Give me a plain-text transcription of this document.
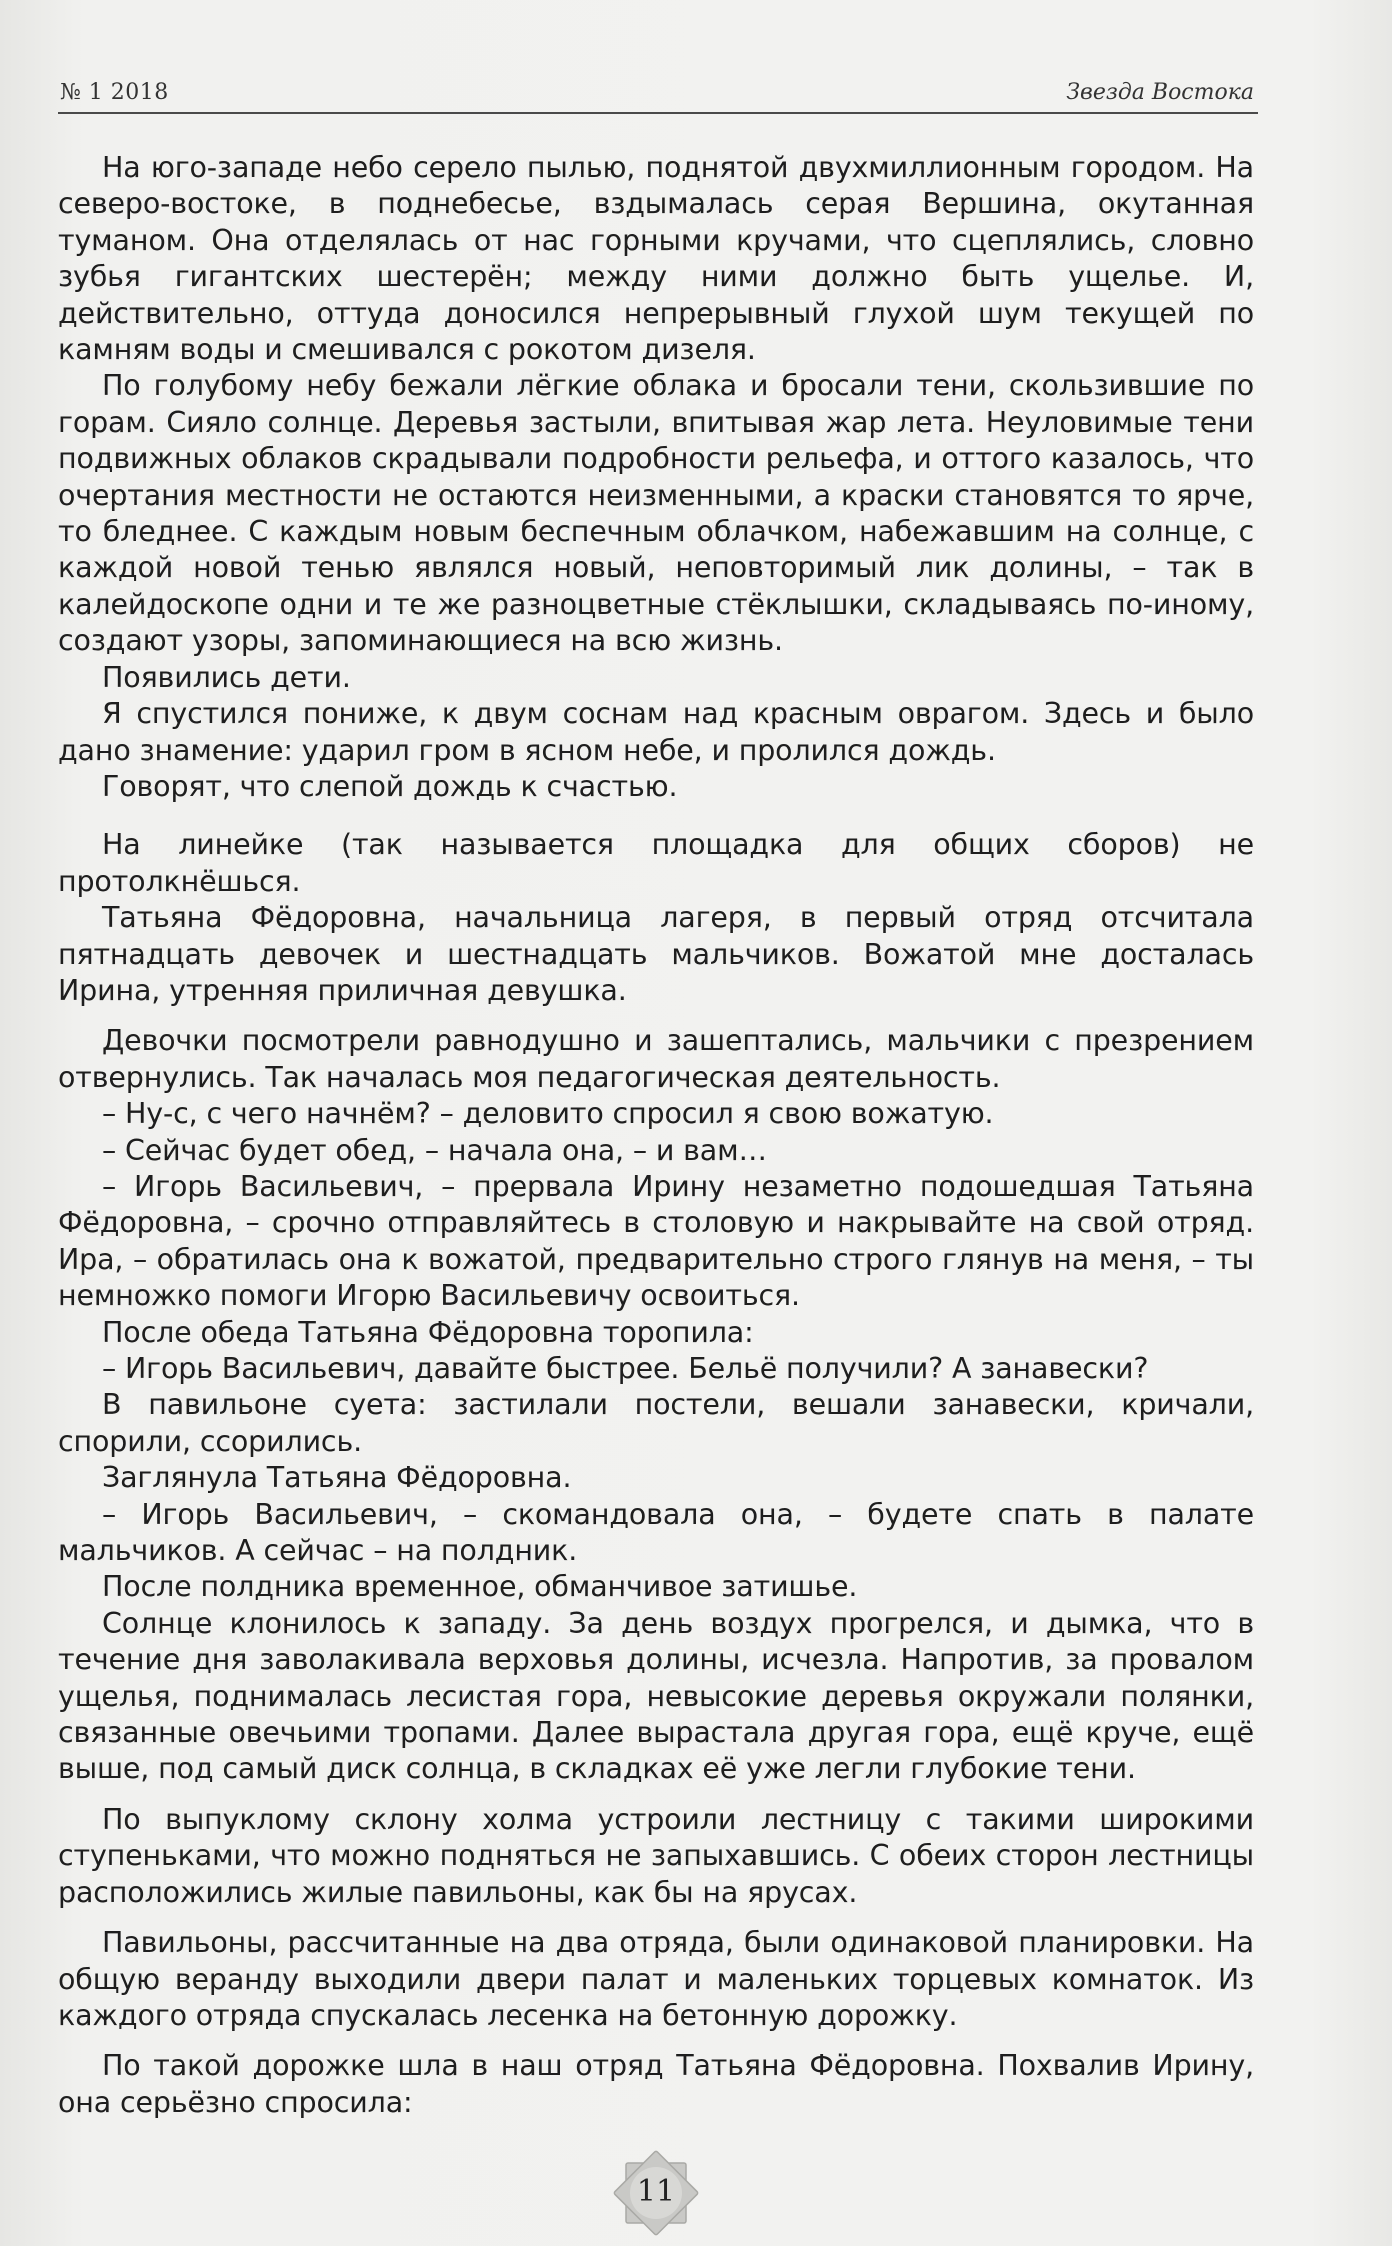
№ 1 2018	Звезда Востока

На юго-западе небо серело пылью, поднятой двухмиллионным городом. На северо-востоке, в поднебесье, вздымалась серая Вершина, окутанная туманом. Она отделялась от нас горными кручами, что сцеплялись, словно зубья гигантских шестерён; между ними должно быть ущелье. И, действительно, оттуда доносился непрерывный глухой шум текущей по камням воды и смешивался с рокотом дизеля.

По голубому небу бежали лёгкие облака и бросали тени, скользившие по горам. Сияло солнце. Деревья застыли, впитывая жар лета. Неуловимые тени подвижных облаков скрадывали подробности рельефа, и оттого казалось, что очертания местности не остаются неизменными, а краски становятся то ярче, то бледнее. С каждым новым беспечным облачком, набежавшим на солнце, с каждой новой тенью являлся новый, неповторимый лик долины, – так в калейдоскопе одни и те же разноцветные стёклышки, складываясь по-иному, создают узоры, запоминающиеся на всю жизнь.

Появились дети.

Я спустился пониже, к двум соснам над красным оврагом. Здесь и было дано знамение: ударил гром в ясном небе, и пролился дождь.

Говорят, что слепой дождь к счастью.

На линейке (так называется площадка для общих сборов) не протолкнёшься.

Татьяна Фёдоровна, начальница лагеря, в первый отряд отсчитала пятнадцать девочек и шестнадцать мальчиков. Вожатой мне досталась Ирина, утренняя приличная девушка.

Девочки посмотрели равнодушно и зашептались, мальчики с презрением отвернулись. Так началась моя педагогическая деятельность.

– Ну-с, с чего начнём? – деловито спросил я свою вожатую.

– Сейчас будет обед, – начала она, – и вам…

– Игорь Васильевич, – прервала Ирину незаметно подошедшая Татьяна Фёдоровна, – срочно отправляйтесь в столовую и накрывайте на свой отряд. Ира, – обратилась она к вожатой, предварительно строго глянув на меня, – ты немножко помоги Игорю Васильевичу освоиться.

После обеда Татьяна Фёдоровна торопила:

– Игорь Васильевич, давайте быстрее. Бельё получили? А занавески?

В павильоне суета: застилали постели, вешали занавески, кричали, спорили, ссорились.

Заглянула Татьяна Фёдоровна.

– Игорь Васильевич, – скомандовала она, – будете спать в палате мальчиков. А сейчас – на полдник.

После полдника временное, обманчивое затишье.

Солнце клонилось к западу. За день воздух прогрелся, и дымка, что в течение дня заволакивала верховья долины, исчезла. Напротив, за провалом ущелья, поднималась лесистая гора, невысокие деревья окружали полянки, связанные овечьими тропами. Далее вырастала другая гора, ещё круче, ещё выше, под самый диск солнца, в складках её уже легли глубокие тени.

По выпуклому склону холма устроили лестницу с такими широкими ступеньками, что можно подняться не запыхавшись. С обеих сторон лестницы расположились жилые павильоны, как бы на ярусах.

Павильоны, рассчитанные на два отряда, были одинаковой планировки. На общую веранду выходили двери палат и маленьких торцевых комнаток. Из каждого отряда спускалась лесенка на бетонную дорожку.

По такой дорожке шла в наш отряд Татьяна Фёдоровна. Похвалив Ирину, она серьёзно спросила:

11
